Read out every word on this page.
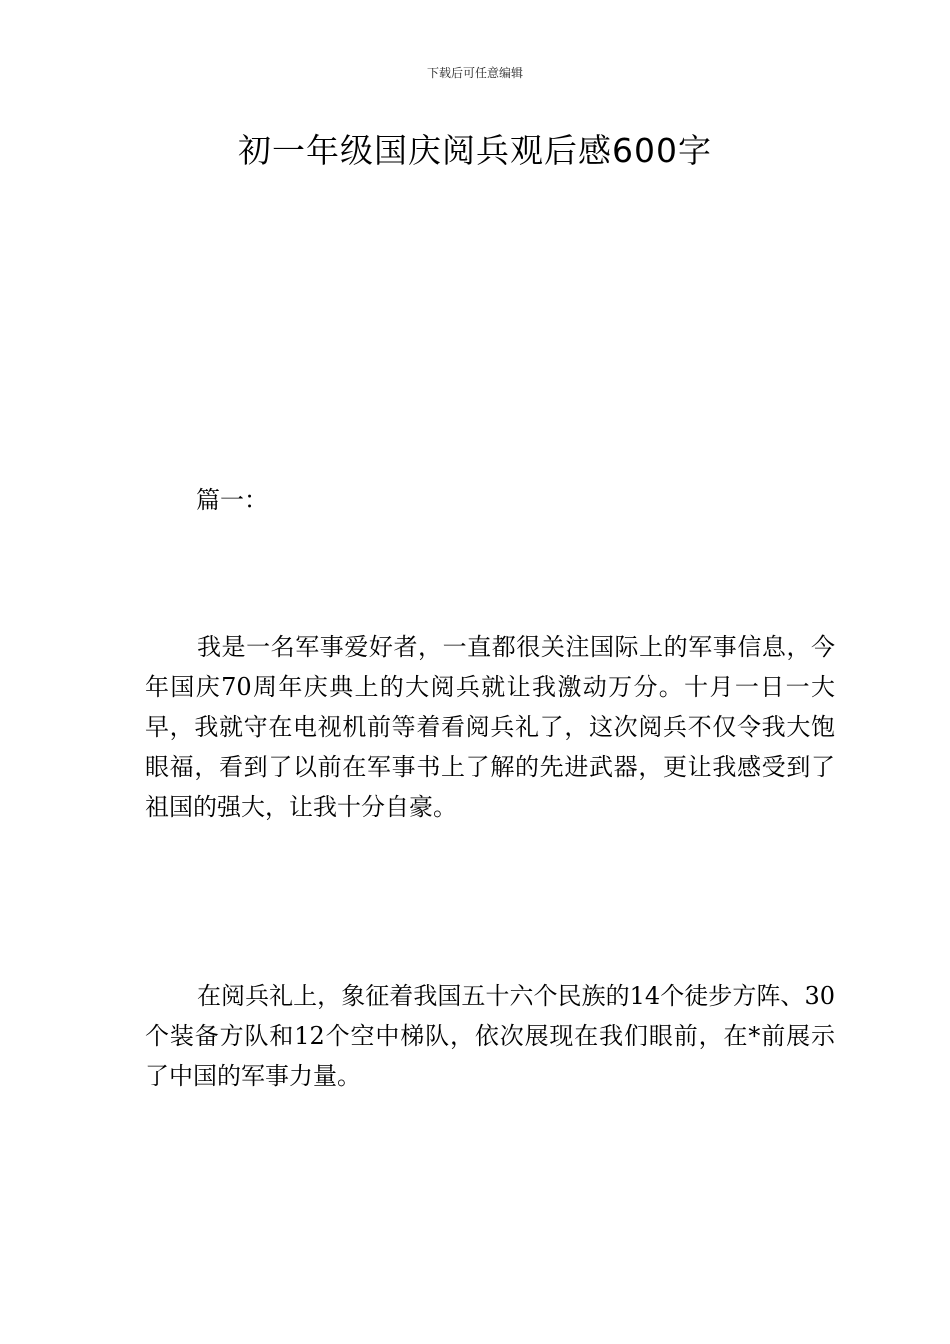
下载后可任意编辑
初一年级国庆阅兵观后感600字
篇一：

我是一名军事爱好者，一直都很关注国际上的军事信息，今年国庆70周年庆典上的大阅兵就让我激动万分。十月一日一大早，我就守在电视机前等着看阅兵礼了，这次阅兵不仅令我大饱眼福，看到了以前在军事书上了解的先进武器，更让我感受到了祖国的强大，让我十分自豪。

在阅兵礼上，象征着我国五十六个民族的14个徒步方阵、30个装备方队和12个空中梯队，依次展现在我们眼前，在*前展示了中国的军事力量。
